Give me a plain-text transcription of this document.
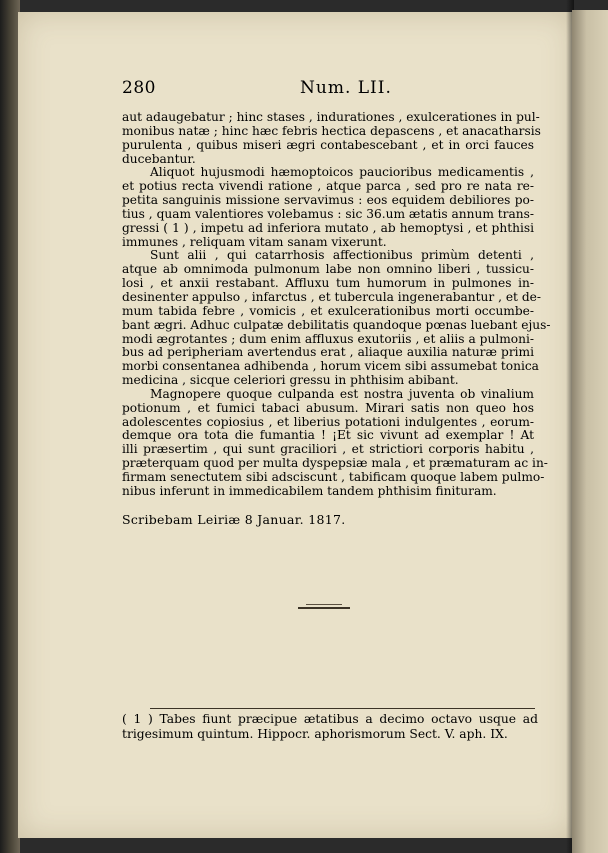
280	Num. LII.
aut adaugebatur ; hinc stases , indurationes , exulcerationes in pul-
monibus natæ ; hinc hæc febris hectica depascens , et anacatharsis
purulenta , quibus miseri ægri contabescebant , et in orci fauces
ducebantur.
Aliquot hujusmodi hæmoptoicos paucioribus medicamentis ,
et potius recta vivendi ratione , atque parca , sed pro re nata re-
petita sanguinis missione servavimus : eos equidem debiliores po-
tius , quam valentiores volebamus : sic 36.um ætatis annum trans-
gressi ( 1 ) , impetu ad inferiora mutato , ab hemoptysi , et phthisi
immunes , reliquam vitam sanam vixerunt.
Sunt alii , qui catarrhosis affectionibus primùm detenti ,
atque ab omnimoda pulmonum labe non omnino liberi , tussicu-
losi , et anxii restabant. Affluxu tum humorum in pulmones in-
desinenter appulso , infarctus , et tubercula ingenerabantur , et de-
mum tabida febre , vomicis , et exulcerationibus morti occumbe-
bant ægri. Adhuc culpatæ debilitatis quandoque pœnas luebant ejus-
modi ægrotantes ; dum enim affluxus exutoriis , et aliis a pulmoni-
bus ad peripheriam avertendus erat , aliaque auxilia naturæ primi
morbi consentanea adhibenda , horum vicem sibi assumebat tonica
medicina , sicque celeriori gressu in phthisim abibant.
Magnopere quoque culpanda est nostra juventa ob vinalium
potionum , et fumici tabaci abusum. Mirari satis non queo hos
adolescentes copiosius , et liberius potationi indulgentes , eorum-
demque ora tota die fumantia ! ¡Et sic vivunt ad exemplar ! At
illi præsertim , qui sunt graciliori , et strictiori corporis habitu ,
præterquam quod per multa dyspepsiæ mala , et præmaturam ac in-
firmam senectutem sibi adsciscunt , tabificam quoque labem pulmo-
nibus inferunt in immedicabilem tandem phthisim finituram.
Scribebam Leiriæ 8 Januar. 1817.
( 1 ) Tabes fiunt præcipue ætatibus a decimo octavo usque ad
trigesimum quintum. Hippocr. aphorismorum Sect. V. aph. IX.
